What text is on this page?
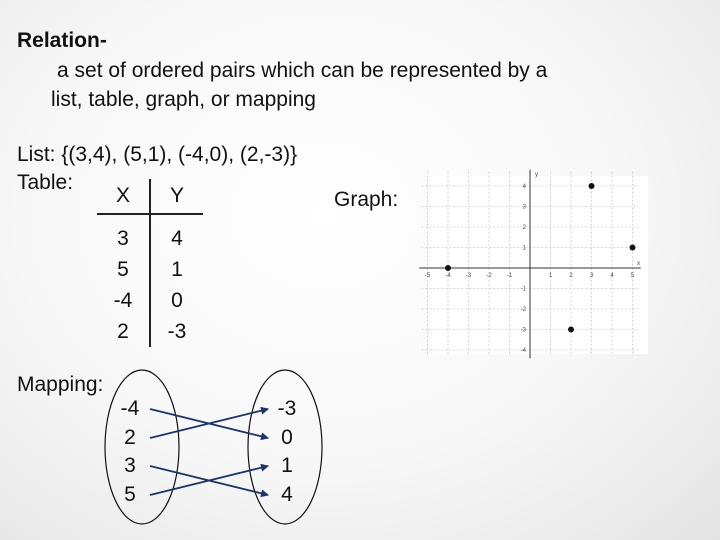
Relation-
a set of ordered pairs which can be represented by a
list, table, graph, or mapping
List: {(3,4), (5,1), (-4,0), (2,-3)}
Table:
X	Y
3	4
5	1
-4	0
2	-3
Graph:
-5	-4	-3	-2	-1	1	2	3	4	5
4
3
2
1
-1
-2
-3
-4
x
y
Mapping:
-4
2
3
5
-3
0
1
4
